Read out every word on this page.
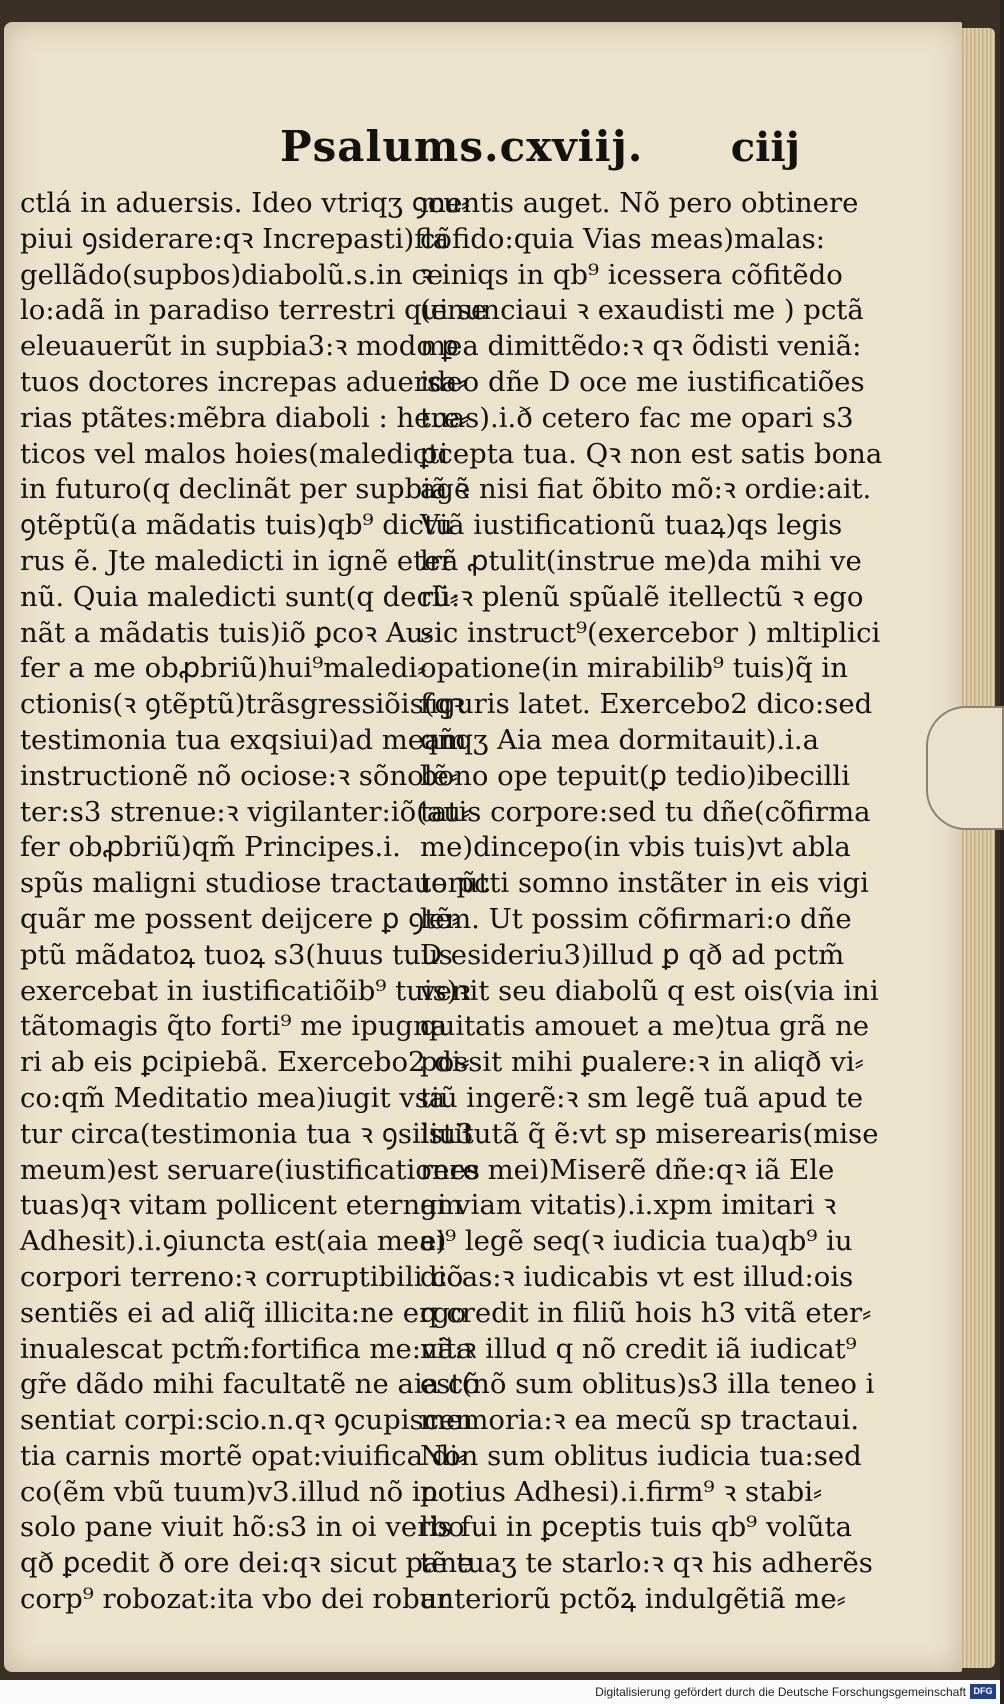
Psalums.cxviij. ciij
ctlá in aduersis. Ideo vtriqʒ ꝯcu⸗
piui ꝯsiderare:qꝛ Increpasti)fla
gellãdo(supbos)diabolũ.s.in ce
lo:adã in paradiso terrestri qui se
eleuauerũt in supbia3:ꝛ modo ꝑ
tuos doctores increpas aduersa⸗
rias ptãtes:mẽbra diaboli : here⸗
ticos vel malos hoies(maledicti
in futuro(q declinãt per supbiã ꝛ
ꝯtẽptũ(a mãdatis tuis)qb⁹ dictu
rus ẽ. Jte maledicti in ignẽ eter
nũ. Quia maledicti sunt(q decli⸗
nãt a mãdatis tuis)iõ ꝑcoꝛ Au⸗
fer a me obꝓbriũ)hui⁹maledi⸗
ctionis(ꝛ ꝯtẽptũ)trãsgressiõis(qꝛ
testimonia tua exqsiui)ad meam
instructionẽ nõ ociose:ꝛ sõnolẽ⸗
ter:s3 strenue:ꝛ vigilanter:iõ(au⸗
fer obꝓbriũ)qm̃ Principes.i.
spũs maligni studiose tractauerũt
quãr me possent deijcere ꝑ ꝯtẽ⸗
ptũ mãdatoꝝ tuoꝝ s3(huus tuus
exercebat in iustificatiõib⁹ tuis)ꝛ
tãtomagis q̃to forti⁹ me ipugna
ri ab eis ꝑcipiebã. Exercebo2 di⸗
co:qm̃ Meditatio mea)iugit vsa
tur circa(testimonia tua ꝛ ꝯsiliu3
meum)est seruare(iustificationes
tuas)qꝛ vitam pollicent eternam
Adhesit).i.ꝯiuncta est(aia mea)
corpori terreno:ꝛ corruptibili cõ
sentiẽs ei ad aliq̃ illicita:ne ergo
inualescat pctm̃:fortifica me:vita
gr̃e dãdo mihi facultatẽ ne aia cõ
sentiat corpi:scio.n.qꝛ ꝯcupiscen
tia carnis mortẽ opat:viuifica di⸗
co(ẽm vbũ tuum)v3.illud nõ in
solo pane viuit hõ:s3 in oi verbo
qð ꝑcedit ð ore dei:qꝛ sicut pane
corp⁹ robozat:ita vbo dei robur
mentis auget. Nõ pero obtinere
cõfido:quia Vias meas)malas:
ꝛ iniqs in qb⁹ icessera cõfitẽdo
(enunciaui ꝛ exaudisti me ) pctã
mea dimittẽdo:ꝛ qꝛ õdisti veniã:
ideo dñe D oce me iustificatiões
tuas).i.ð cetero fac me opari s3
ꝑcepta tua. Qꝛ non est satis bona
agẽ nisi fiat õbito mõ:ꝛ ordie:ait.
Viã iustificationũ tuaꝝ)qs legis
lrã ꝓtulit(instrue me)da mihi ve
rũ:ꝛ plenũ spũalẽ itellectũ ꝛ ego
sic instruct⁹(exercebor ) mltiplici
opatione(in mirabilib⁹ tuis)q̃ in
figuris latet. Exercebo2 dico:sed
qñqʒ Aia mea dormitauit).i.a
bono ope tepuit(ꝑ tedio)ibecilli
tatis corpore:sed tu dñe(cõfirma
me)dincepo(in vbis tuis)vt abla
to pcti somno instãter in eis vigi
lem. Ut possim cõfirmari:o dñe
D esideriu3)illud ꝑ qð ad pctm̃
venit seu diabolũ q est ois(via ini
quitatis amouet a me)tua grã ne
possit mihi ꝑualere:ꝛ in aliqð vi⸗
tiũ ingerẽ:ꝛ sm legẽ tuã apud te
istitutã q̃ ẽ:vt sp miserearis(mise
rere mei)Miserẽ dñe:qꝛ iã Ele
gi viam vitatis).i.xpm imitari ꝛ
ei⁹ legẽ seq(ꝛ iudicia tua)qb⁹ iu
dicas:ꝛ iudicabis vt est illud:ois
q credit in filiũ hois h3 vitã eter⸗
nã:ꝛ illud q nõ credit iã iudicat⁹
est(nõ sum oblitus)s3 illa teneo i
memoria:ꝛ ea mecũ sp tractaui.
Non sum oblitus iudicia tua:sed
potius Adhesi).i.firm⁹ ꝛ stabi⸗
lis fui in ꝑceptis tuis qb⁹ volũta
tẽ tuaʒ te starlo:ꝛ qꝛ his adherẽs
anteriorũ pctõꝝ indulgẽtiã me⸗
Digitalisierung gefördert durch die Deutsche Forschungsgemeinschaft DFG
